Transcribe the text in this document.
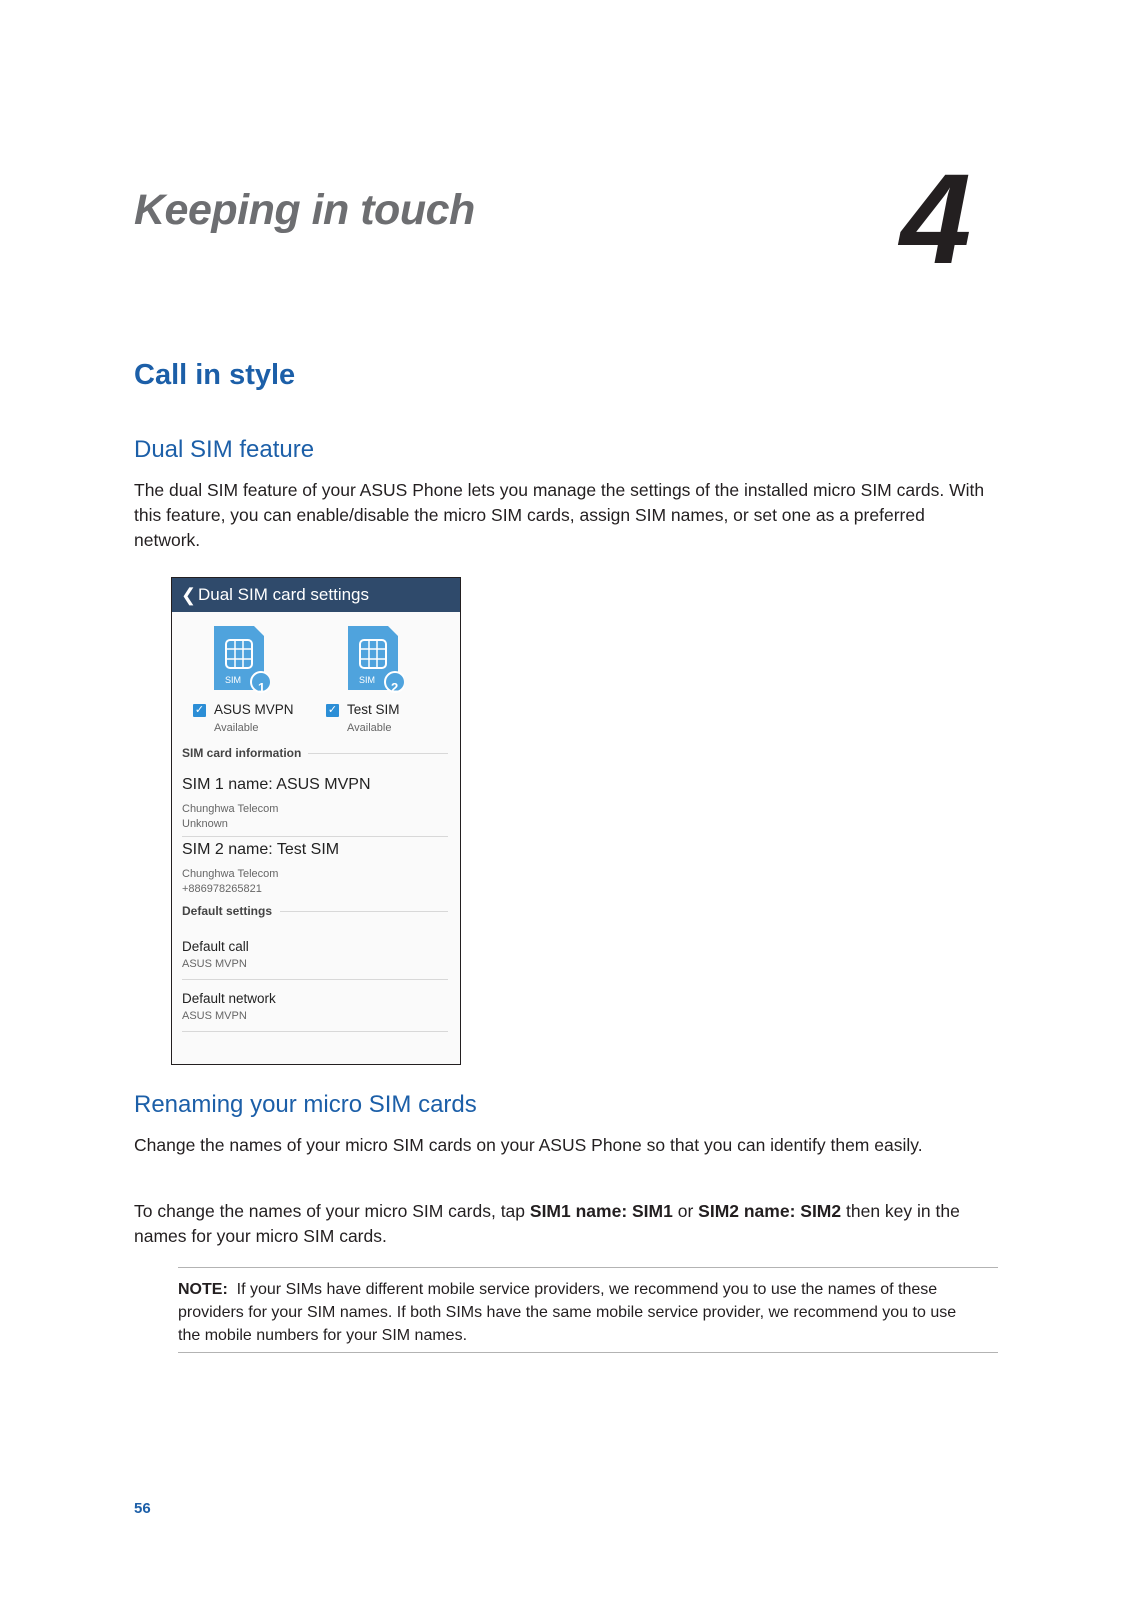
Keeping in touch	4
Call in style
Dual SIM feature
The dual SIM feature of your ASUS Phone lets you manage the settings of the installed micro SIM cards. With this feature, you can enable/disable the micro SIM cards, assign SIM names, or set one as a preferred network.
❮ Dual SIM card settings
SIM 1	SIM 2
✓ ASUS MVPN
Available
✓ Test SIM
Available
SIM card information
SIM 1 name: ASUS MVPN
Chunghwa Telecom
Unknown
SIM 2 name: Test SIM
Chunghwa Telecom
+886978265821
Default settings
Default call
ASUS MVPN
Default network
ASUS MVPN
Renaming your micro SIM cards
Change the names of your micro SIM cards on your ASUS Phone so that you can identify them easily.
To change the names of your micro SIM cards, tap SIM1 name: SIM1 or SIM2 name: SIM2 then key in the names for your micro SIM cards.
NOTE: If your SIMs have different mobile service providers, we recommend you to use the names of these providers for your SIM names. If both SIMs have the same mobile service provider, we recommend you to use the mobile numbers for your SIM names.
56
